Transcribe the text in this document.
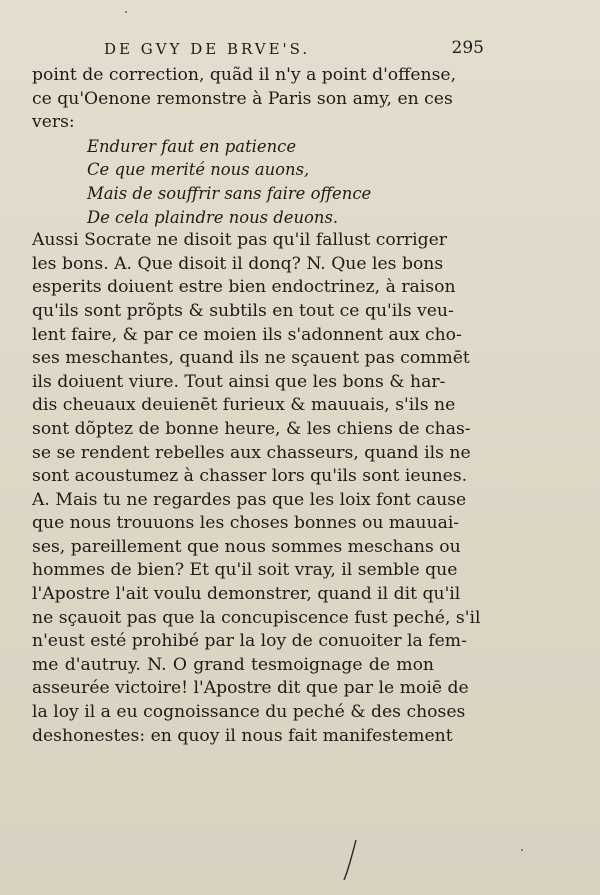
DE GVY DE BRVE'S.	295
point de correction, quãd il n'y a point d'offense,
ce qu'Oenone remonstre à Paris son amy, en ces
vers:
Endurer faut en patience
Ce que merité nous auons,
Mais de souffrir sans faire offence
De cela plaindre nous deuons.
Aussi Socrate ne disoit pas qu'il fallust corriger
les bons. A. Que disoit il donq? N. Que les bons
esperits doiuent estre bien endoctrinez, à raison
qu'ils sont prõpts & subtils en tout ce qu'ils veu-
lent faire, & par ce moien ils s'adonnent aux cho-
ses meschantes, quand ils ne sçauent pas commēt
ils doiuent viure. Tout ainsi que les bons & har-
dis cheuaux deuienēt furieux & mauuais, s'ils ne
sont dõptez de bonne heure, & les chiens de chas-
se se rendent rebelles aux chasseurs, quand ils ne
sont acoustumez à chasser lors qu'ils sont ieunes.
A. Mais tu ne regardes pas que les loix font cause
que nous trouuons les choses bonnes ou mauuai-
ses, pareillement que nous sommes meschans ou
hommes de bien? Et qu'il soit vray, il semble que
l'Apostre l'ait voulu demonstrer, quand il dit qu'il
ne sçauoit pas que la concupiscence fust peché, s'il
n'eust esté prohibé par la loy de conuoiter la fem-
me d'autruy. N. O grand tesmoignage de mon
asseurée victoire! l'Apostre dit que par le moiē de
la loy il a eu cognoissance du peché & des choses
deshonestes: en quoy il nous fait manifestement
